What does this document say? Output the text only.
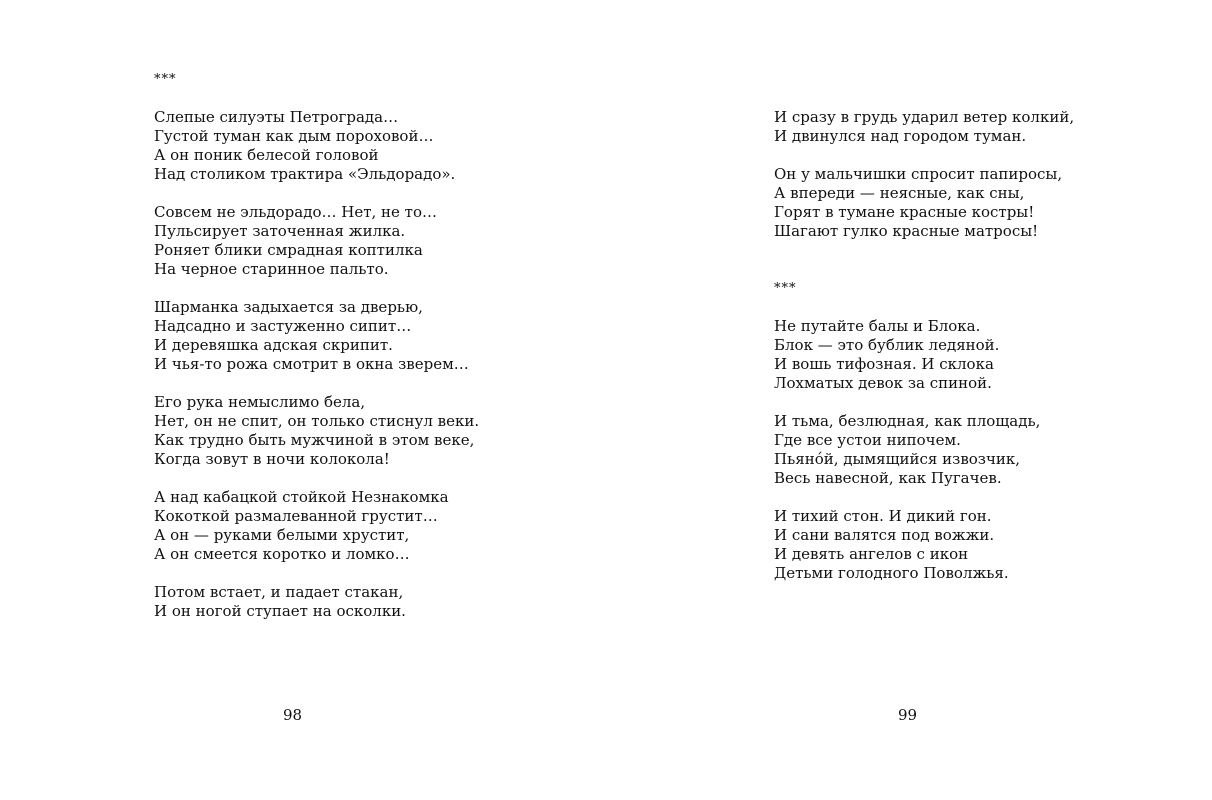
***
Слепые силуэты Петрограда…
Густой туман как дым пороховой…
А он поник белесой головой
Над столиком трактира «Эльдорадо».
Совсем не эльдорадо… Нет, не то…
Пульсирует заточенная жилка.
Роняет блики смрадная коптилка
На черное старинное пальто.
Шарманка задыхается за дверью,
Надсадно и застуженно сипит…
И деревяшка адская скрипит.
И чья-то рожа смотрит в окна зверем…
Его рука немыслимо бела,
Нет, он не спит, он только стиснул веки.
Как трудно быть мужчиной в этом веке,
Когда зовут в ночи колокола!
А над кабацкой стойкой Незнакомка
Кокоткой размалеванной грустит…
А он — руками белыми хрустит,
А он смеется коротко и ломко…
Потом встает, и падает стакан,
И он ногой ступает на осколки.
98
И сразу в грудь ударил ветер колкий,
И двинулся над городом туман.
Он у мальчишки спросит папиросы,
А впереди — неясные, как сны,
Горят в тумане красные костры!
Шагают гулко красные матросы!
***
Не путайте балы и Блока.
Блок — это бублик ледяной.
И вошь тифозная. И склока
Лохматых девок за спиной.
И тьма, безлюдная, как площадь,
Где все устои нипочем.
Пьянóй, дымящийся извозчик,
Весь навесной, как Пугачев.
И тихий стон. И дикий гон.
И сани валятся под вожжи.
И девять ангелов с икон
Детьми голодного Поволжья.
99
